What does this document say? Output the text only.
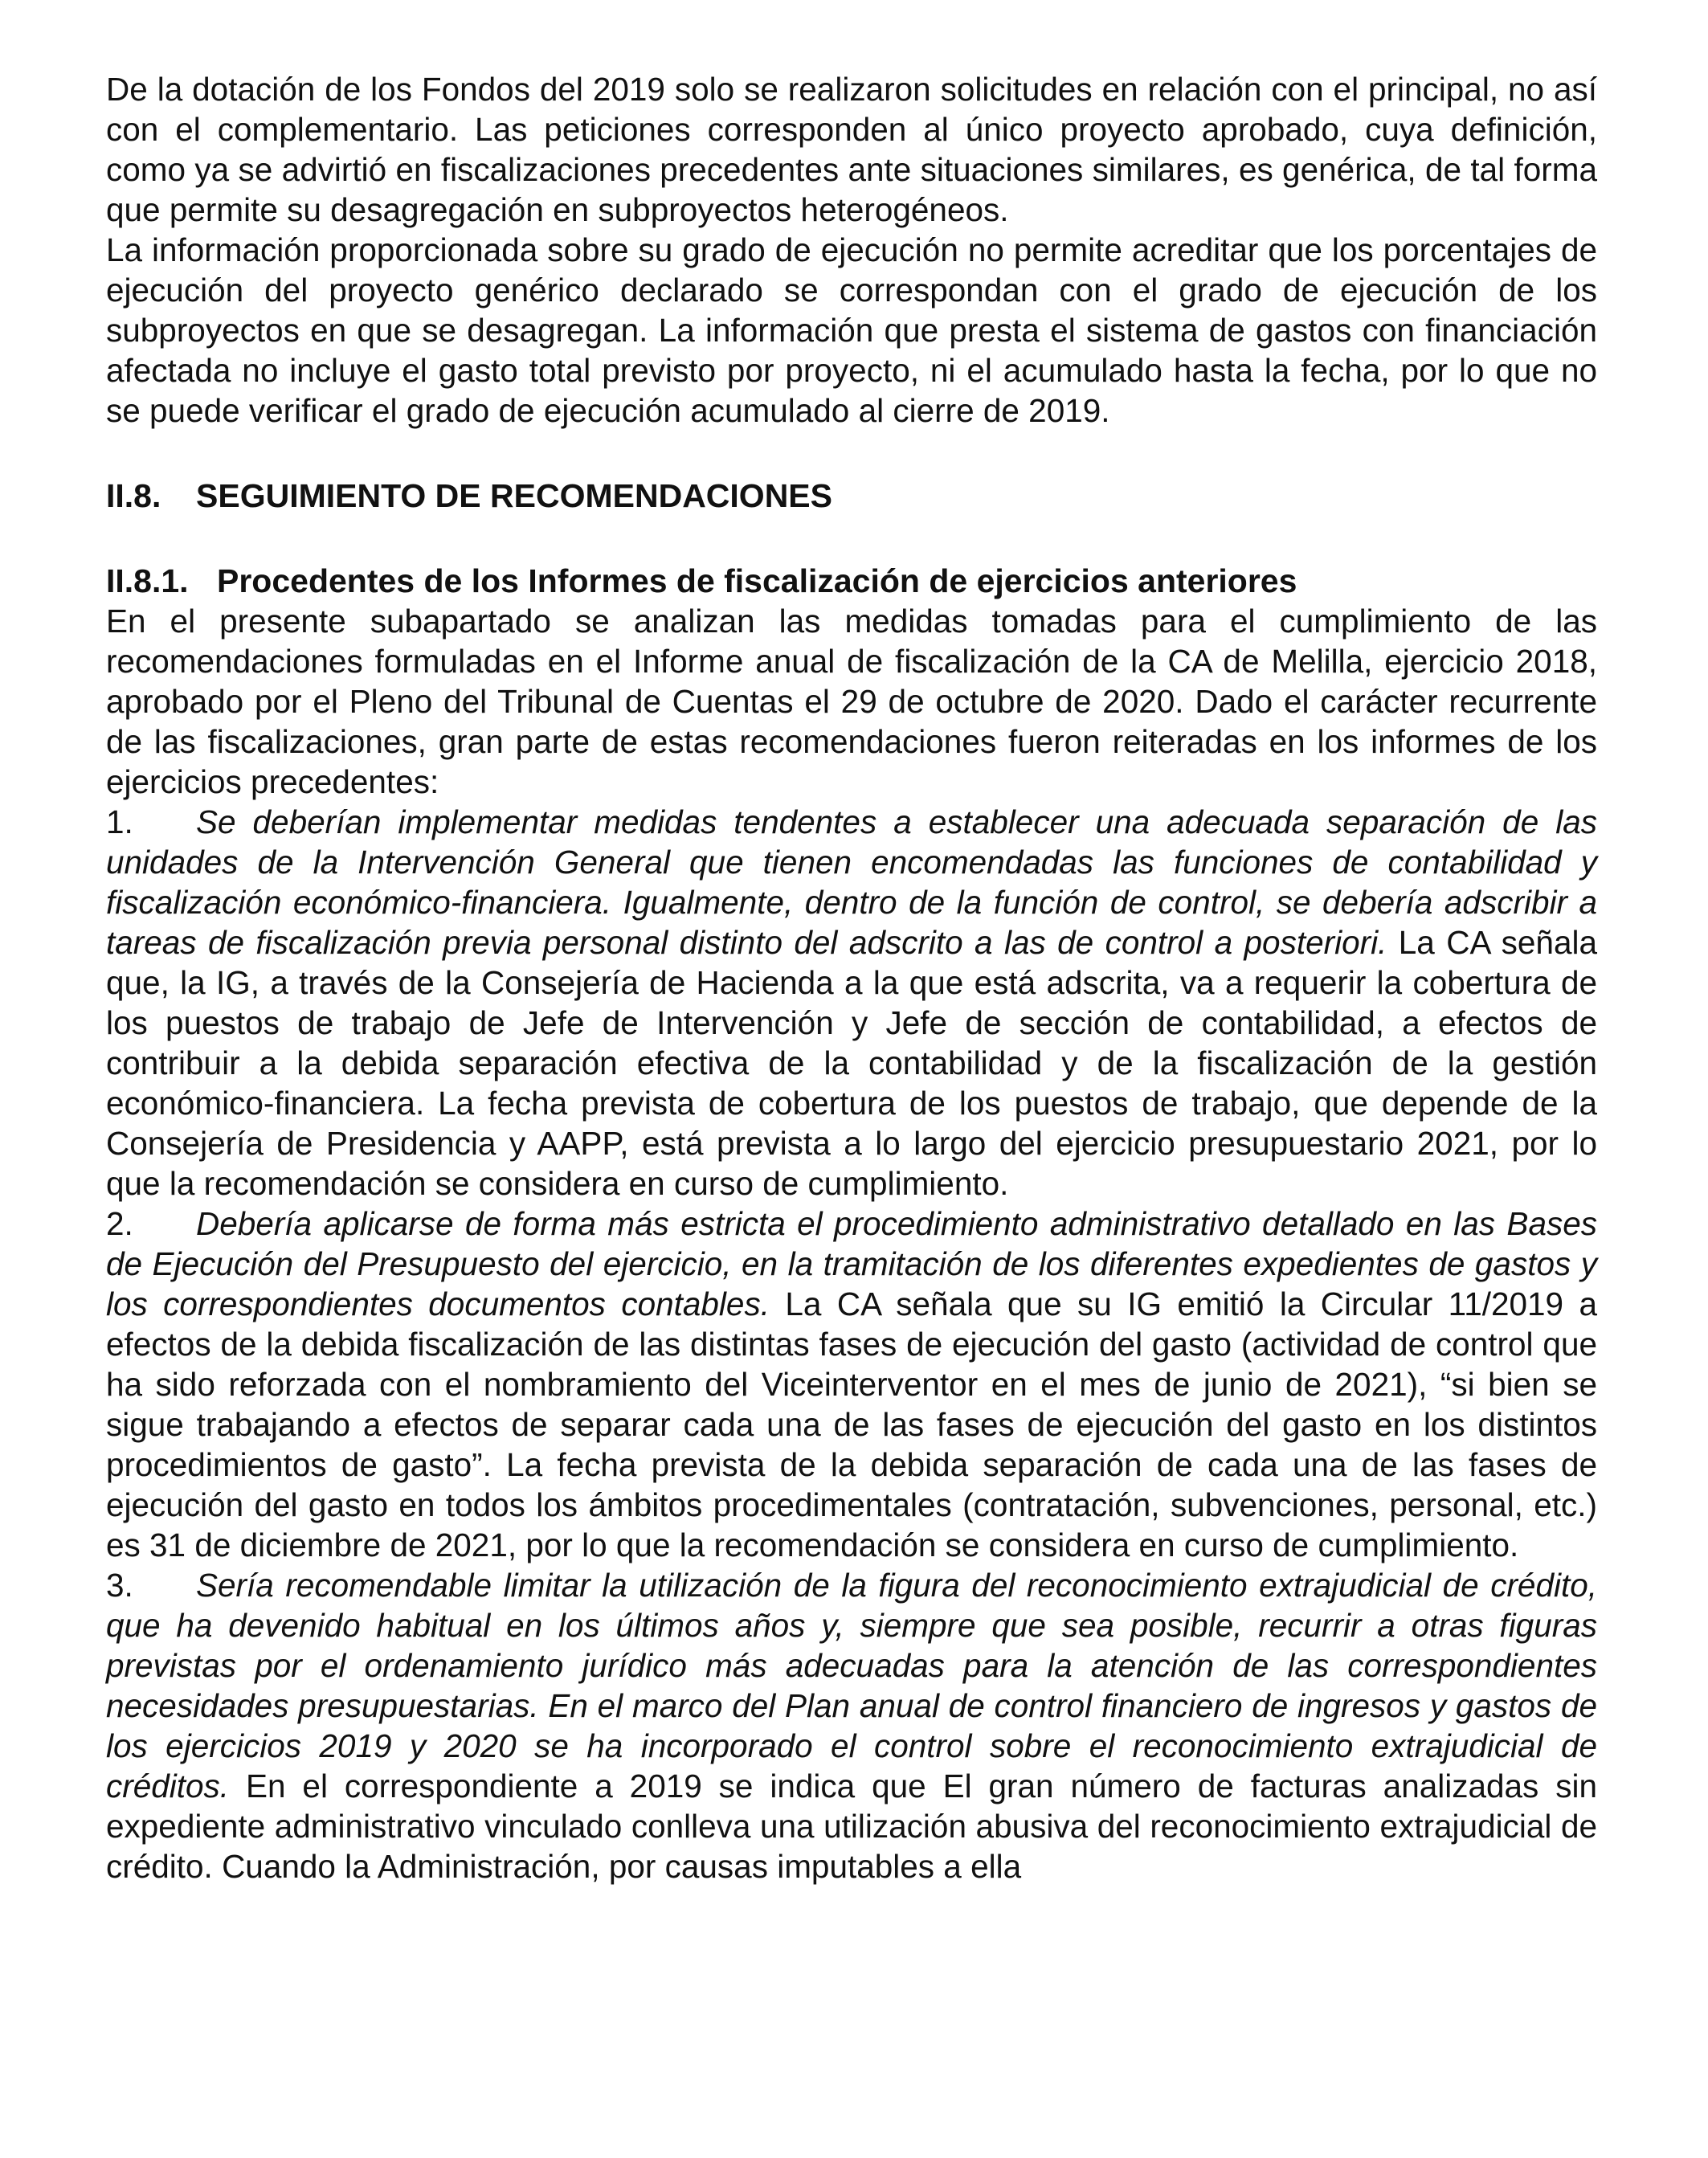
De la dotación de los Fondos del 2019 solo se realizaron solicitudes en relación con el principal, no así con el complementario. Las peticiones corresponden al único proyecto aprobado, cuya definición, como ya se advirtió en fiscalizaciones precedentes ante situaciones similares, es genérica, de tal forma que permite su desagregación en subproyectos heterogéneos.

La información proporcionada sobre su grado de ejecución no permite acreditar que los porcentajes de ejecución del proyecto genérico declarado se correspondan con el grado de ejecución de los subproyectos en que se desagregan. La información que presta el sistema de gastos con financiación afectada no incluye el gasto total previsto por proyecto, ni el acumulado hasta la fecha, por lo que no se puede verificar el grado de ejecución acumulado al cierre de 2019.

II.8. SEGUIMIENTO DE RECOMENDACIONES
II.8.1. Procedentes de los Informes de fiscalización de ejercicios anteriores

En el presente subapartado se analizan las medidas tomadas para el cumplimiento de las recomendaciones formuladas en el Informe anual de fiscalización de la CA de Melilla, ejercicio 2018, aprobado por el Pleno del Tribunal de Cuentas el 29 de octubre de 2020. Dado el carácter recurrente de las fiscalizaciones, gran parte de estas recomendaciones fueron reiteradas en los informes de los ejercicios precedentes:

1. Se deberían implementar medidas tendentes a establecer una adecuada separación de las unidades de la Intervención General que tienen encomendadas las funciones de contabilidad y fiscalización económico-financiera. Igualmente, dentro de la función de control, se debería adscribir a tareas de fiscalización previa personal distinto del adscrito a las de control a posteriori. La CA señala que, la IG, a través de la Consejería de Hacienda a la que está adscrita, va a requerir la cobertura de los puestos de trabajo de Jefe de Intervención y Jefe de sección de contabilidad, a efectos de contribuir a la debida separación efectiva de la contabilidad y de la fiscalización de la gestión económico-financiera. La fecha prevista de cobertura de los puestos de trabajo, que depende de la Consejería de Presidencia y AAPP, está prevista a lo largo del ejercicio presupuestario 2021, por lo que la recomendación se considera en curso de cumplimiento.

2. Debería aplicarse de forma más estricta el procedimiento administrativo detallado en las Bases de Ejecución del Presupuesto del ejercicio, en la tramitación de los diferentes expedientes de gastos y los correspondientes documentos contables. La CA señala que su IG emitió la Circular 11/2019 a efectos de la debida fiscalización de las distintas fases de ejecución del gasto (actividad de control que ha sido reforzada con el nombramiento del Viceinterventor en el mes de junio de 2021), “si bien se sigue trabajando a efectos de separar cada una de las fases de ejecución del gasto en los distintos procedimientos de gasto”. La fecha prevista de la debida separación de cada una de las fases de ejecución del gasto en todos los ámbitos procedimentales (contratación, subvenciones, personal, etc.) es 31 de diciembre de 2021, por lo que la recomendación se considera en curso de cumplimiento.

3. Sería recomendable limitar la utilización de la figura del reconocimiento extrajudicial de crédito, que ha devenido habitual en los últimos años y, siempre que sea posible, recurrir a otras figuras previstas por el ordenamiento jurídico más adecuadas para la atención de las correspondientes necesidades presupuestarias. En el marco del Plan anual de control financiero de ingresos y gastos de los ejercicios 2019 y 2020 se ha incorporado el control sobre el reconocimiento extrajudicial de créditos. En el correspondiente a 2019 se indica que El gran número de facturas analizadas sin expediente administrativo vinculado conlleva una utilización abusiva del reconocimiento extrajudicial de crédito. Cuando la Administración, por causas imputables a ella
